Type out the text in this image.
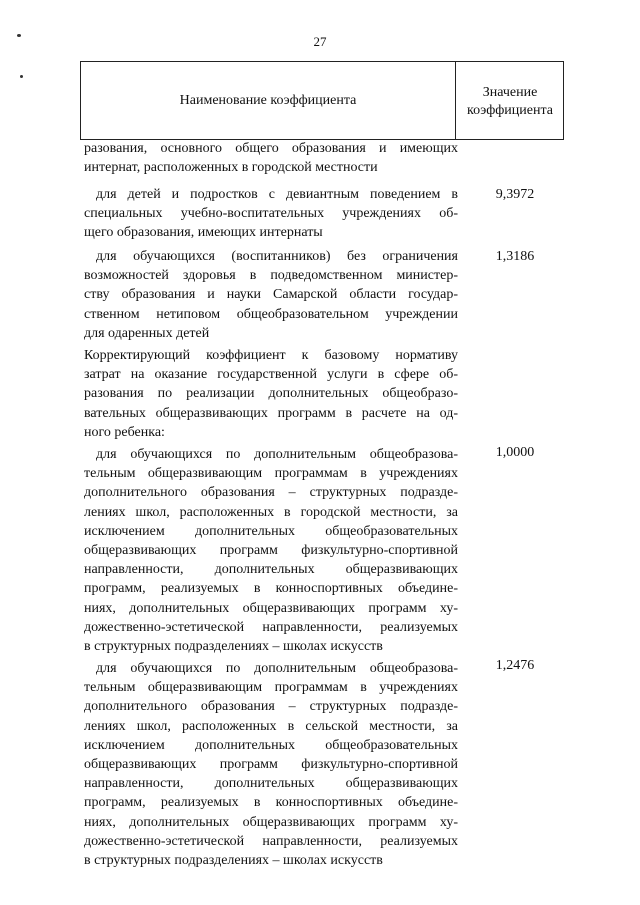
27
Наименование коэффициента
Значение
коэффициента
разования, основного общего образования и имеющих
интернат, расположенных в городской местности
для детей и подростков с девиантным поведением в
специальных учебно-воспитательных учреждениях об-
щего образования, имеющих интернаты
9,3972
для обучающихся (воспитанников) без ограничения
возможностей здоровья в подведомственном министер-
ству образования и науки Самарской области государ-
ственном нетиповом общеобразовательном учреждении
для одаренных детей
1,3186
Корректирующий коэффициент к базовому нормативу
затрат на оказание государственной услуги в сфере об-
разования по реализации дополнительных общеобразо-
вательных общеразвивающих программ в расчете на од-
ного ребенка:
для обучающихся по дополнительным общеобразова-
тельным общеразвивающим программам в учреждениях
дополнительного образования – структурных подразде-
лениях школ, расположенных в городской местности, за
исключением дополнительных общеобразовательных
общеразвивающих программ физкультурно-спортивной
направленности, дополнительных общеразвивающих
программ, реализуемых в конноспортивных объедине-
ниях, дополнительных общеразвивающих программ ху-
дожественно-эстетической направленности, реализуемых
в структурных подразделениях – школах искусств
1,0000
для обучающихся по дополнительным общеобразова-
тельным общеразвивающим программам в учреждениях
дополнительного образования – структурных подразде-
лениях школ, расположенных в сельской местности, за
исключением дополнительных общеобразовательных
общеразвивающих программ физкультурно-спортивной
направленности, дополнительных общеразвивающих
программ, реализуемых в конноспортивных объедине-
ниях, дополнительных общеразвивающих программ ху-
дожественно-эстетической направленности, реализуемых
в структурных подразделениях – школах искусств
1,2476
